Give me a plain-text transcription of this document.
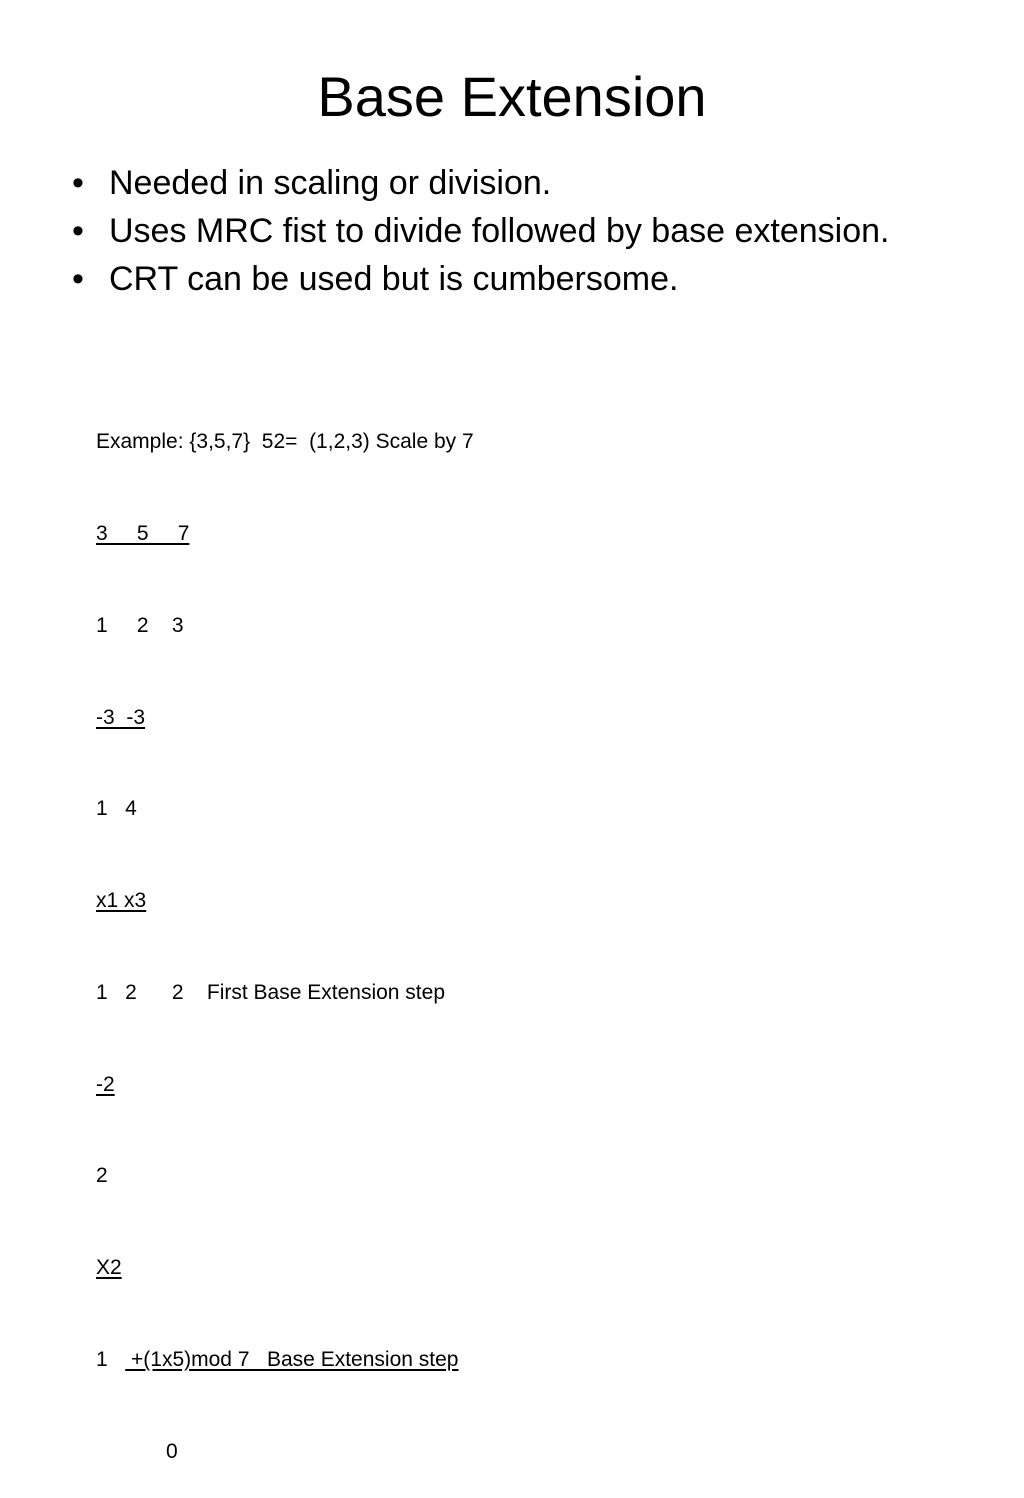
Base Extension
• Needed in scaling or division.
• Uses MRC fist to divide followed by base extension.
• CRT can be used but is cumbersome.

Example: {3,5,7}  52=  (1,2,3) Scale by 7

3     5     7

1     2    3

-3  -3

1   4

x1 x3

1   2      2    First Base Extension step

-2

2

X2

1    +(1x5)mod 7   Base Extension step

0
